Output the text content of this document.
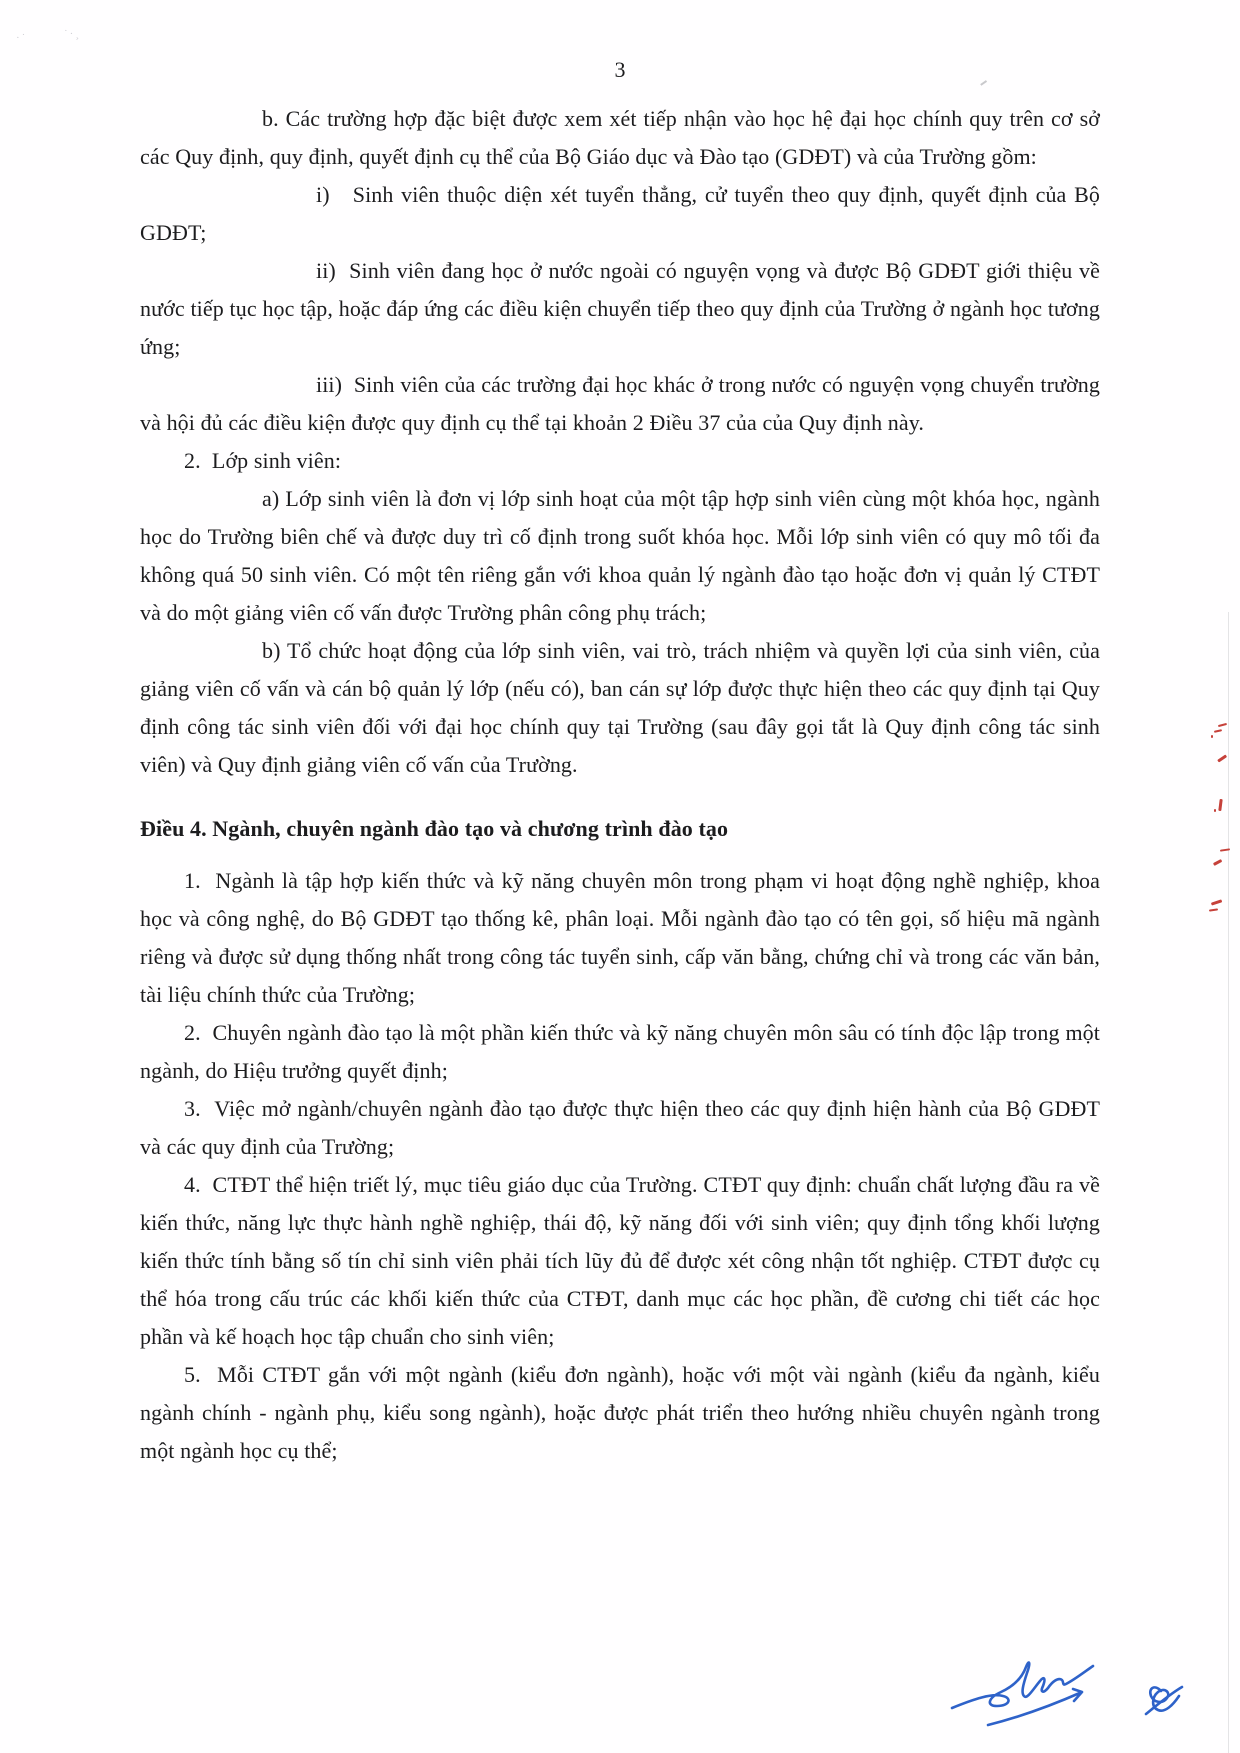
3

b. Các trường hợp đặc biệt được xem xét tiếp nhận vào học hệ đại học chính quy trên cơ sở các Quy định, quy định, quyết định cụ thể của Bộ Giáo dục và Đào tạo (GDĐT) và của Trường gồm:

i)   Sinh viên thuộc diện xét tuyển thẳng, cử tuyển theo quy định, quyết định của Bộ GDĐT;

ii)  Sinh viên đang học ở nước ngoài có nguyện vọng và được Bộ GDĐT giới thiệu về nước tiếp tục học tập, hoặc đáp ứng các điều kiện chuyển tiếp theo quy định của Trường ở ngành học tương ứng;

iii)  Sinh viên của các trường đại học khác ở trong nước có nguyện vọng chuyển trường và hội đủ các điều kiện được quy định cụ thể tại khoản 2 Điều 37 của của Quy định này.

2.  Lớp sinh viên:

a) Lớp sinh viên là đơn vị lớp sinh hoạt của một tập hợp sinh viên cùng một khóa học, ngành học do Trường biên chế và được duy trì cố định trong suốt khóa học. Mỗi lớp sinh viên có quy mô tối đa không quá 50 sinh viên. Có một tên riêng gắn với khoa quản lý ngành đào tạo hoặc đơn vị quản lý CTĐT và do một giảng viên cố vấn được Trường phân công phụ trách;

b) Tổ chức hoạt động của lớp sinh viên, vai trò, trách nhiệm và quyền lợi của sinh viên, của giảng viên cố vấn và cán bộ quản lý lớp (nếu có), ban cán sự lớp được thực hiện theo các quy định tại Quy định công tác sinh viên đối với đại học chính quy tại Trường (sau đây gọi tắt là Quy định công tác sinh viên) và Quy định giảng viên cố vấn của Trường.

Điều 4. Ngành, chuyên ngành đào tạo và chương trình đào tạo

1.  Ngành là tập hợp kiến thức và kỹ năng chuyên môn trong phạm vi hoạt động nghề nghiệp, khoa học và công nghệ, do Bộ GDĐT tạo thống kê, phân loại. Mỗi ngành đào tạo có tên gọi, số hiệu mã ngành riêng và được sử dụng thống nhất trong công tác tuyển sinh, cấp văn bằng, chứng chỉ và trong các văn bản, tài liệu chính thức của Trường;

2.  Chuyên ngành đào tạo là một phần kiến thức và kỹ năng chuyên môn sâu có tính độc lập trong một ngành, do Hiệu trưởng quyết định;

3.  Việc mở ngành/chuyên ngành đào tạo được thực hiện theo các quy định hiện hành của Bộ GDĐT và các quy định của Trường;

4.  CTĐT thể hiện triết lý, mục tiêu giáo dục của Trường. CTĐT quy định: chuẩn chất lượng đầu ra về kiến thức, năng lực thực hành nghề nghiệp, thái độ, kỹ năng đối với sinh viên; quy định tổng khối lượng kiến thức tính bằng số tín chỉ sinh viên phải tích lũy đủ để được xét công nhận tốt nghiệp. CTĐT được cụ thể hóa trong cấu trúc các khối kiến thức của CTĐT, danh mục các học phần, đề cương chi tiết các học phần và kế hoạch học tập chuẩn cho sinh viên;

5.  Mỗi CTĐT gắn với một ngành (kiểu đơn ngành), hoặc với một vài ngành (kiểu đa ngành, kiểu ngành chính - ngành phụ, kiểu song ngành), hoặc được phát triển theo hướng nhiều chuyên ngành trong một ngành học cụ thể;

·˙	˙·¸
